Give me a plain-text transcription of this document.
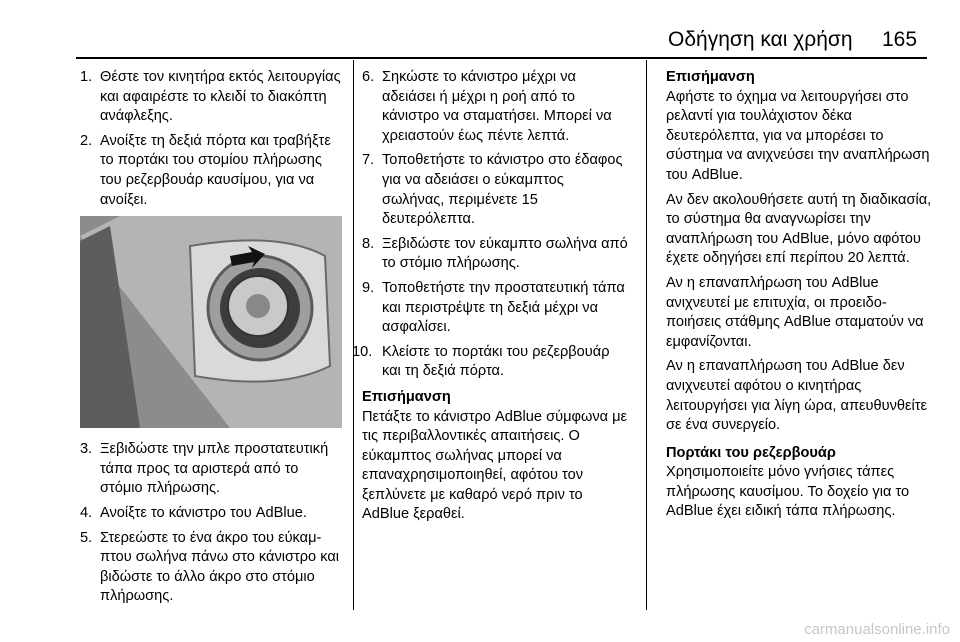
Οδήγηση και χρήση 165
1. Θέστε τον κινητήρα εκτός λειτουργίας και αφαιρέστε το κλειδί το διακόπτη ανάφλεξης.
2. Ανοίξτε τη δεξιά πόρτα και τραβήξτε το πορτάκι του στομίου πλήρωσης του ρεζερβουάρ καυσίμου, για να ανοίξει.
3. Ξεβιδώστε την μπλε προστατευτική τάπα προς τα αριστερά από το στόμιο πλήρωσης.
4. Ανοίξτε το κάνιστρο του AdBlue.
5. Στερεώστε το ένα άκρο του εύκαμπτου σωλήνα πάνω στο κάνιστρο και βιδώστε το άλλο άκρο στο στόμιο πλήρωσης.
6. Σηκώστε το κάνιστρο μέχρι να αδειάσει ή μέχρι η ροή από το κάνιστρο να σταματήσει. Μπορεί να χρειαστούν έως πέντε λεπτά.
7. Τοποθετήστε το κάνιστρο στο έδαφος για να αδειάσει ο εύκαμπτος σωλήνας, περιμένετε 15 δευτερόλεπτα.
8. Ξεβιδώστε τον εύκαμπτο σωλήνα από το στόμιο πλήρωσης.
9. Τοποθετήστε την προστατευτική τάπα και περιστρέψτε τη δεξιά μέχρι να ασφαλίσει.
10. Κλείστε το πορτάκι του ρεζερβουάρ και τη δεξιά πόρτα.
Επισήμανση

Πετάξτε το κάνιστρο AdBlue σύμφωνα με τις περιβαλλοντικές απαιτήσεις. Ο εύκαμπτος σωλήνας μπορεί να επαναχρησιμοποιηθεί, αφότου τον ξεπλύνετε με καθαρό νερό πριν το AdBlue ξεραθεί.

Επισήμανση

Αφήστε το όχημα να λειτουργήσει στο ρελαντί για τουλάχιστον δέκα δευτερόλεπτα, για να μπορέσει το σύστημα να ανιχνεύσει την αναπλήρωση του AdBlue.

Αν δεν ακολουθήσετε αυτή τη διαδικασία, το σύστημα θα αναγνωρίσει την αναπλήρωση του AdBlue, μόνο αφότου έχετε οδηγήσει επί περίπου 20 λεπτά.

Αν η επαναπλήρωση του AdBlue ανιχνευτεί με επιτυχία, οι προειδοποιήσεις στάθμης AdBlue σταματούν να εμφανίζονται.

Αν η επαναπλήρωση του AdBlue δεν ανιχνευτεί αφότου ο κινητήρας λειτουργήσει για λίγη ώρα, απευθυνθείτε σε ένα συνεργείο.

Πορτάκι του ρεζερβουάρ

Χρησιμοποιείτε μόνο γνήσιες τάπες πλήρωσης καυσίμου. Το δοχείο για το AdBlue έχει ειδική τάπα πλήρωσης.

carmanualsonline.info
